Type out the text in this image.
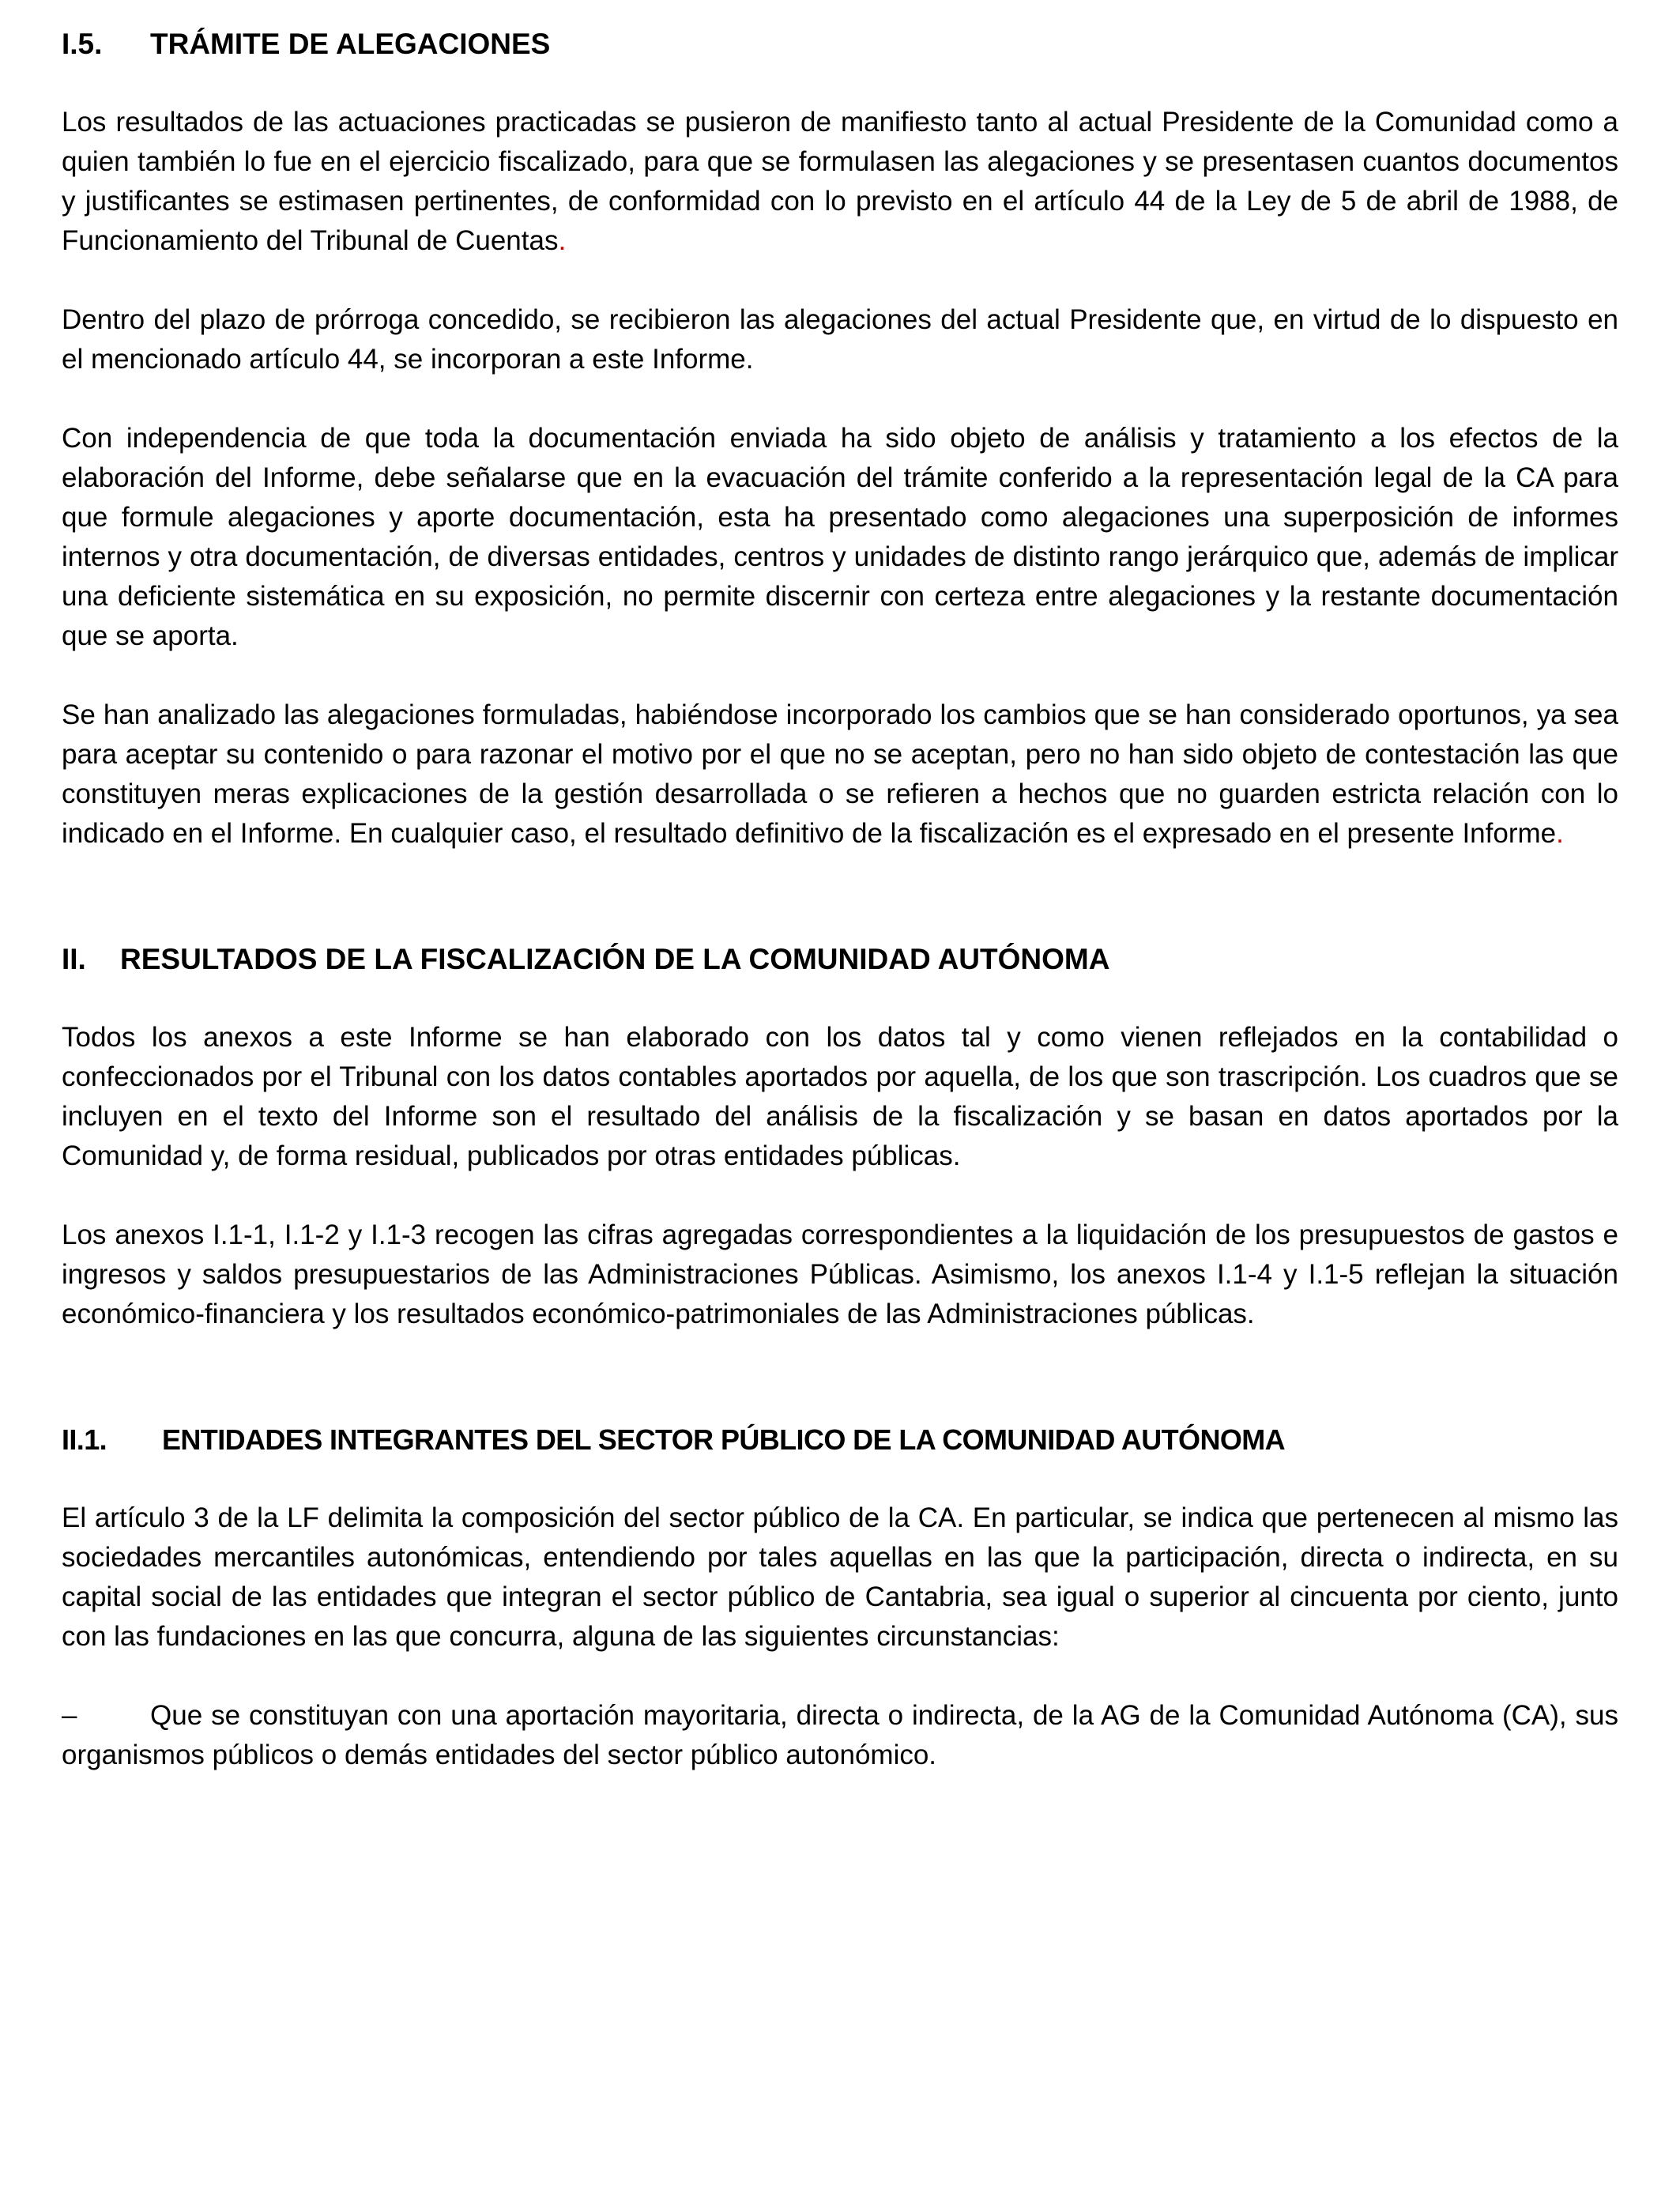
I.5. TRÁMITE DE ALEGACIONES

Los resultados de las actuaciones practicadas se pusieron de manifiesto tanto al actual Presidente de la Comunidad como a quien también lo fue en el ejercicio fiscalizado, para que se formulasen las alegaciones y se presentasen cuantos documentos y justificantes se estimasen pertinentes, de conformidad con lo previsto en el artículo 44 de la Ley de 5 de abril de 1988, de Funcionamiento del Tribunal de Cuentas.

Dentro del plazo de prórroga concedido, se recibieron las alegaciones del actual Presidente que, en virtud de lo dispuesto en el mencionado artículo 44, se incorporan a este Informe.

Con independencia de que toda la documentación enviada ha sido objeto de análisis y tratamiento a los efectos de la elaboración del Informe, debe señalarse que en la evacuación del trámite conferido a la representación legal de la CA para que formule alegaciones y aporte documentación, esta ha presentado como alegaciones una superposición de informes internos y otra documentación, de diversas entidades, centros y unidades de distinto rango jerárquico que, además de implicar una deficiente sistemática en su exposición, no permite discernir con certeza entre alegaciones y la restante documentación que se aporta.

Se han analizado las alegaciones formuladas, habiéndose incorporado los cambios que se han considerado oportunos, ya sea para aceptar su contenido o para razonar el motivo por el que no se aceptan, pero no han sido objeto de contestación las que constituyen meras explicaciones de la gestión desarrollada o se refieren a hechos que no guarden estricta relación con lo indicado en el Informe. En cualquier caso, el resultado definitivo de la fiscalización es el expresado en el presente Informe.

II. RESULTADOS DE LA FISCALIZACIÓN DE LA COMUNIDAD AUTÓNOMA

Todos los anexos a este Informe se han elaborado con los datos tal y como vienen reflejados en la contabilidad o confeccionados por el Tribunal con los datos contables aportados por aquella, de los que son trascripción. Los cuadros que se incluyen en el texto del Informe son el resultado del análisis de la fiscalización y se basan en datos aportados por la Comunidad y, de forma residual, publicados por otras entidades públicas.

Los anexos I.1-1, I.1-2 y I.1-3 recogen las cifras agregadas correspondientes a la liquidación de los presupuestos de gastos e ingresos y saldos presupuestarios de las Administraciones Públicas. Asimismo, los anexos I.1-4 y I.1-5 reflejan la situación económico-financiera y los resultados económico-patrimoniales de las Administraciones públicas.

II.1. ENTIDADES INTEGRANTES DEL SECTOR PÚBLICO DE LA COMUNIDAD AUTÓNOMA

El artículo 3 de la LF delimita la composición del sector público de la CA. En particular, se indica que pertenecen al mismo las sociedades mercantiles autonómicas, entendiendo por tales aquellas en las que la participación, directa o indirecta, en su capital social de las entidades que integran el sector público de Cantabria, sea igual o superior al cincuenta por ciento, junto con las fundaciones en las que concurra, alguna de las siguientes circunstancias:

–	Que se constituyan con una aportación mayoritaria, directa o indirecta, de la AG de la Comunidad Autónoma (CA), sus organismos públicos o demás entidades del sector público autonómico.
